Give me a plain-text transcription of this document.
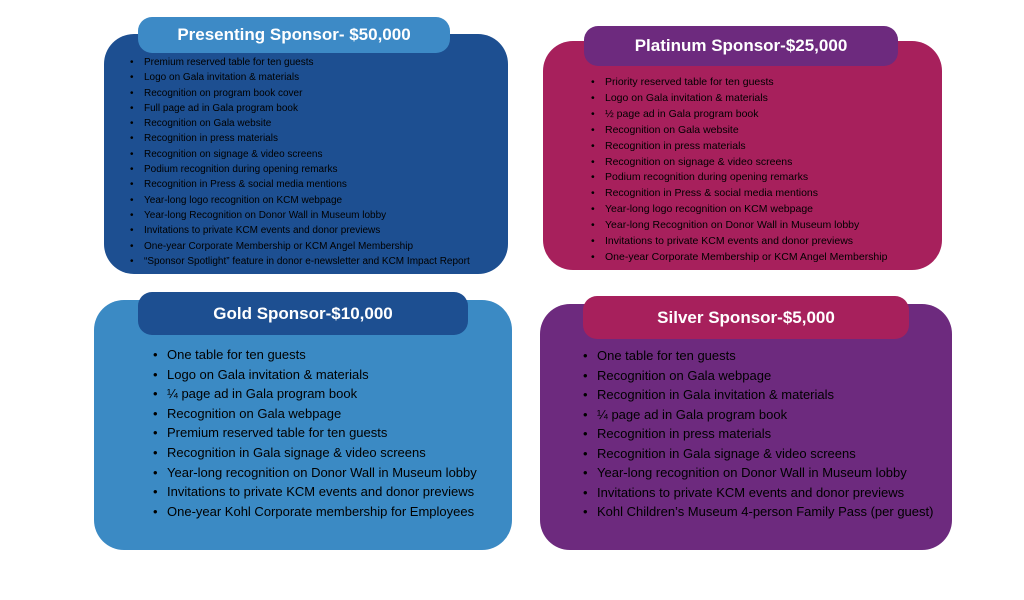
Presenting Sponsor- $50,000
• Premium reserved table for ten guests
• Logo on Gala invitation & materials
• Recognition on program book cover
• Full page ad in Gala program book
• Recognition on Gala website
• Recognition in press materials
• Recognition on signage & video screens
• Podium recognition during opening remarks
• Recognition in Press & social media mentions
• Year-long logo recognition on KCM webpage
• Year-long Recognition on Donor Wall in Museum lobby
• Invitations to private KCM events and donor previews
• One-year Corporate Membership or KCM Angel Membership
• “Sponsor Spotlight” feature in donor e-newsletter and KCM Impact Report
Platinum Sponsor-$25,000
• Priority reserved table for ten guests
• Logo on Gala invitation & materials
• ½ page ad in Gala program book
• Recognition on Gala website
• Recognition in press materials
• Recognition on signage & video screens
• Podium recognition during opening remarks
• Recognition in Press & social media mentions
• Year-long logo recognition on KCM webpage
• Year-long Recognition on Donor Wall in Museum lobby
• Invitations to private KCM events and donor previews
• One-year Corporate Membership or KCM Angel Membership
Gold Sponsor-$10,000
• One table for ten guests
• Logo on Gala invitation & materials
• ¼ page ad in Gala program book
• Recognition on Gala webpage
• Premium reserved table for ten guests
• Recognition in Gala signage & video screens
• Year-long recognition on Donor Wall in Museum lobby
• Invitations to private KCM events and donor previews
• One-year Kohl Corporate membership for Employees
Silver Sponsor-$5,000
• One table for ten guests
• Recognition on Gala webpage
• Recognition in Gala invitation & materials
• ¼ page ad in Gala program book
• Recognition in press materials
• Recognition in Gala signage & video screens
• Year-long recognition on Donor Wall in Museum lobby
• Invitations to private KCM events and donor previews
• Kohl Children’s Museum 4-person Family Pass (per guest)
